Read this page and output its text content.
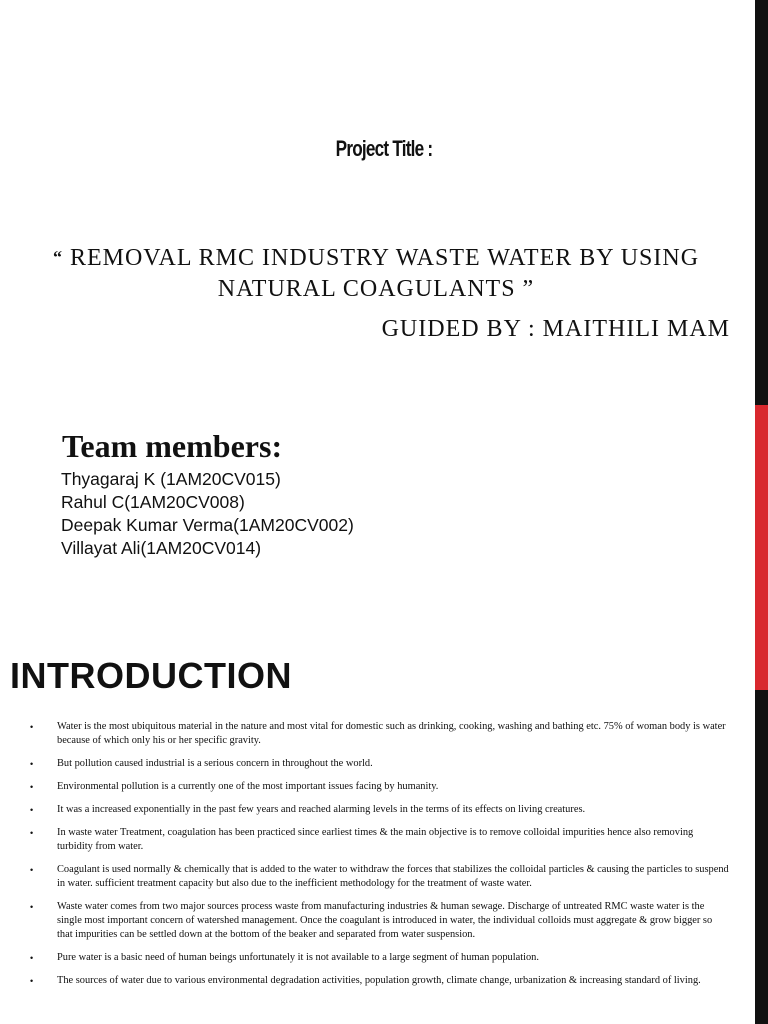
Project Title :
“ REMOVAL RMC INDUSTRY WASTE WATER BY USING NATURAL COAGULANTS ”
GUIDED BY : MAITHILI MAM
Team members:
Thyagaraj K (1AM20CV015)
Rahul C(1AM20CV008)
Deepak Kumar Verma(1AM20CV002)
Villayat Ali(1AM20CV014)
INTRODUCTION
•	Water is the most ubiquitous material in the nature and most vital for domestic such as drinking, cooking, washing and bathing etc. 75% of woman body is water because of which only his or her specific gravity.
•	But pollution caused industrial is a serious concern in throughout the world.
•	Environmental pollution is a currently one of the most important issues facing by humanity.
•	It was a increased exponentially in the past few years and reached alarming levels in the terms of its effects on living creatures.
•	In waste water Treatment, coagulation has been practiced since earliest times & the main objective is to remove colloidal impurities hence also removing turbidity from water.
•	Coagulant is used normally & chemically that is added to the water to withdraw the forces that stabilizes the colloidal particles & causing the particles to suspend in water. sufficient treatment capacity but also due to the inefficient methodology for the treatment of waste water.
•	Waste water comes from two major sources process waste from manufacturing industries & human sewage. Discharge of untreated RMC waste water is the single most important concern of watershed management. Once the coagulant is introduced in water, the individual colloids must aggregate & grow bigger so that impurities can be settled down at the bottom of the beaker and separated from water suspension.
•	Pure water is a basic need of human beings unfortunately it is not available to a large segment of human population.
•	The sources of water due to various environmental degradation activities, population growth, climate change, urbanization & increasing standard of living.
